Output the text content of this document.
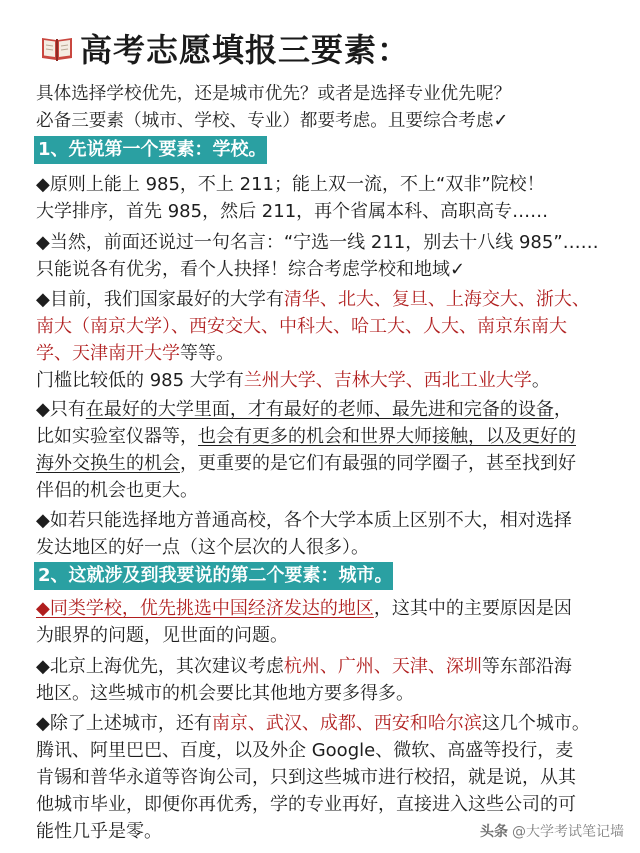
高考志愿填报三要素：
具体选择学校优先，还是城市优先？或者是选择专业优先呢？
必备三要素（城市、学校、专业）都要考虑。且要综合考虑✓
1、先说第一个要素：学校。
◆原则上能上 985，不上 211；能上双一流，不上“双非”院校！
大学排序，首先 985，然后 211，再个省属本科、高职高专……
◆当然，前面还说过一句名言：“宁选一线 211，别去十八线 985”……
只能说各有优劣，看个人抉择！综合考虑学校和地域✓
◆目前，我们国家最好的大学有清华、北大、复旦、上海交大、浙大、
南大（南京大学）、西安交大、中科大、哈工大、人大、南京东南大
学、天津南开大学等等。
门槛比较低的 985 大学有兰州大学、吉林大学、西北工业大学。
◆只有在最好的大学里面，才有最好的老师、最先进和完备的设备，
比如实验室仪器等，也会有更多的机会和世界大师接触，以及更好的
海外交换生的机会，更重要的是它们有最强的同学圈子，甚至找到好
伴侣的机会也更大。
◆如若只能选择地方普通高校，各个大学本质上区别不大，相对选择
发达地区的好一点（这个层次的人很多）。
2、这就涉及到我要说的第二个要素：城市。
◆同类学校，优先挑选中国经济发达的地区，这其中的主要原因是因
为眼界的问题，见世面的问题。
◆北京上海优先，其次建议考虑杭州、广州、天津、深圳等东部沿海
地区。这些城市的机会要比其他地方要多得多。
◆除了上述城市，还有南京、武汉、成都、西安和哈尔滨这几个城市。
腾讯、阿里巴巴、百度，以及外企 Google、微软、高盛等投行，麦
肯锡和普华永道等咨询公司，只到这些城市进行校招，就是说，从其
他城市毕业，即便你再优秀，学的专业再好，直接进入这些公司的可
能性几乎是零。	头条 @大学考试笔记墙
